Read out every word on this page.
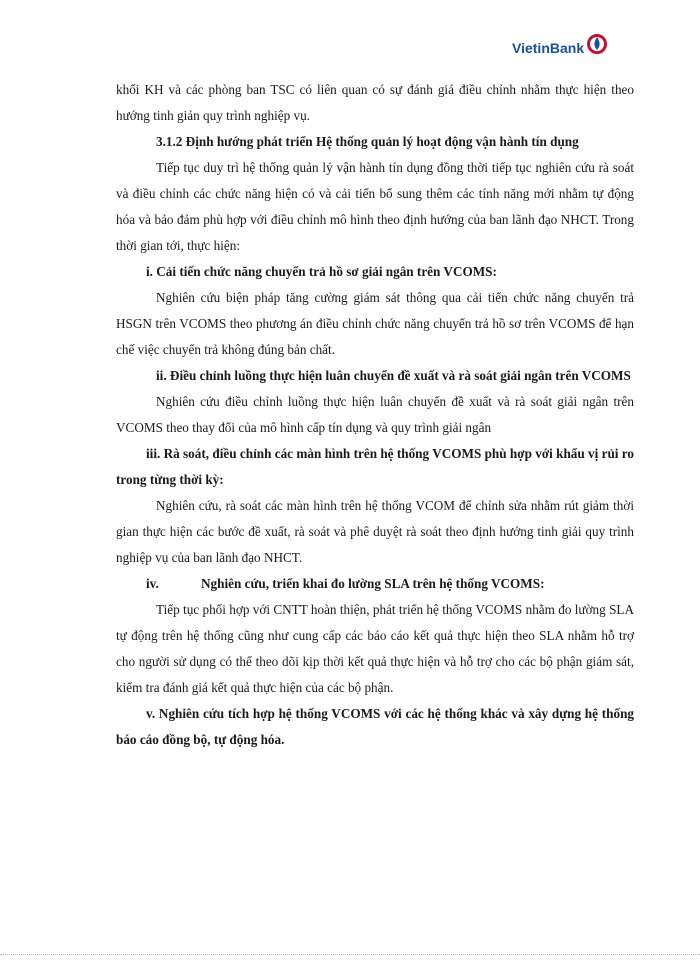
VietinBank

khối KH và các phòng ban TSC có liên quan có sự đánh giá điều chỉnh nhằm thực hiện theo hướng tinh giản quy trình nghiệp vụ.

3.1.2 Định hướng phát triển Hệ thống quản lý hoạt động vận hành tín dụng

Tiếp tục duy trì hệ thống quản lý vận hành tín dụng đồng thời tiếp tục nghiên cứu rà soát và điều chỉnh các chức năng hiện có và cải tiến bổ sung thêm các tính năng mới nhằm tự động hóa và bảo đảm phù hợp với điều chỉnh mô hình theo định hướng của ban lãnh đạo NHCT. Trong thời gian tới, thực hiện:

i. Cải tiến chức năng chuyển trả hồ sơ giải ngân trên VCOMS:

Nghiên cứu biện pháp tăng cường giám sát thông qua cải tiến chức năng chuyển trả HSGN trên VCOMS theo phương án điều chỉnh chức năng chuyển trả hồ sơ trên VCOMS để hạn chế việc chuyển trả không đúng bản chất.

ii. Điều chỉnh luồng thực hiện luân chuyển đề xuất và rà soát giải ngân trên VCOMS

Nghiên cứu điều chỉnh luồng thực hiện luân chuyển đề xuất và rà soát giải ngân trên VCOMS theo thay đổi của mô hình cấp tín dụng và quy trình giải ngân

iii. Rà soát, điều chỉnh các màn hình trên hệ thống VCOMS phù hợp với khẩu vị rủi ro trong từng thời kỳ:

Nghiên cứu, rà soát các màn hình trên hệ thống VCOM để chỉnh sửa nhằm rút giảm thời gian thực hiện các bước đề xuất, rà soát và phê duyệt rà soát theo định hướng tinh giải quy trình nghiệp vụ của ban lãnh đạo NHCT.

iv.	Nghiên cứu, triển khai đo lường SLA trên hệ thống VCOMS:

Tiếp tục phối hợp với CNTT hoàn thiện, phát triển hệ thống VCOMS nhằm đo lường SLA tự động trên hệ thống cũng như cung cấp các báo cáo kết quả thực hiện theo SLA nhằm hỗ trợ cho người sử dụng có thể theo dõi kịp thời kết quả thực hiện và hỗ trợ cho các bộ phận giám sát, kiểm tra đánh giá kết quả thực hiện của các bộ phận.

v. Nghiên cứu tích hợp hệ thống VCOMS với các hệ thống khác và xây dựng hệ thống báo cáo đồng bộ, tự động hóa.
